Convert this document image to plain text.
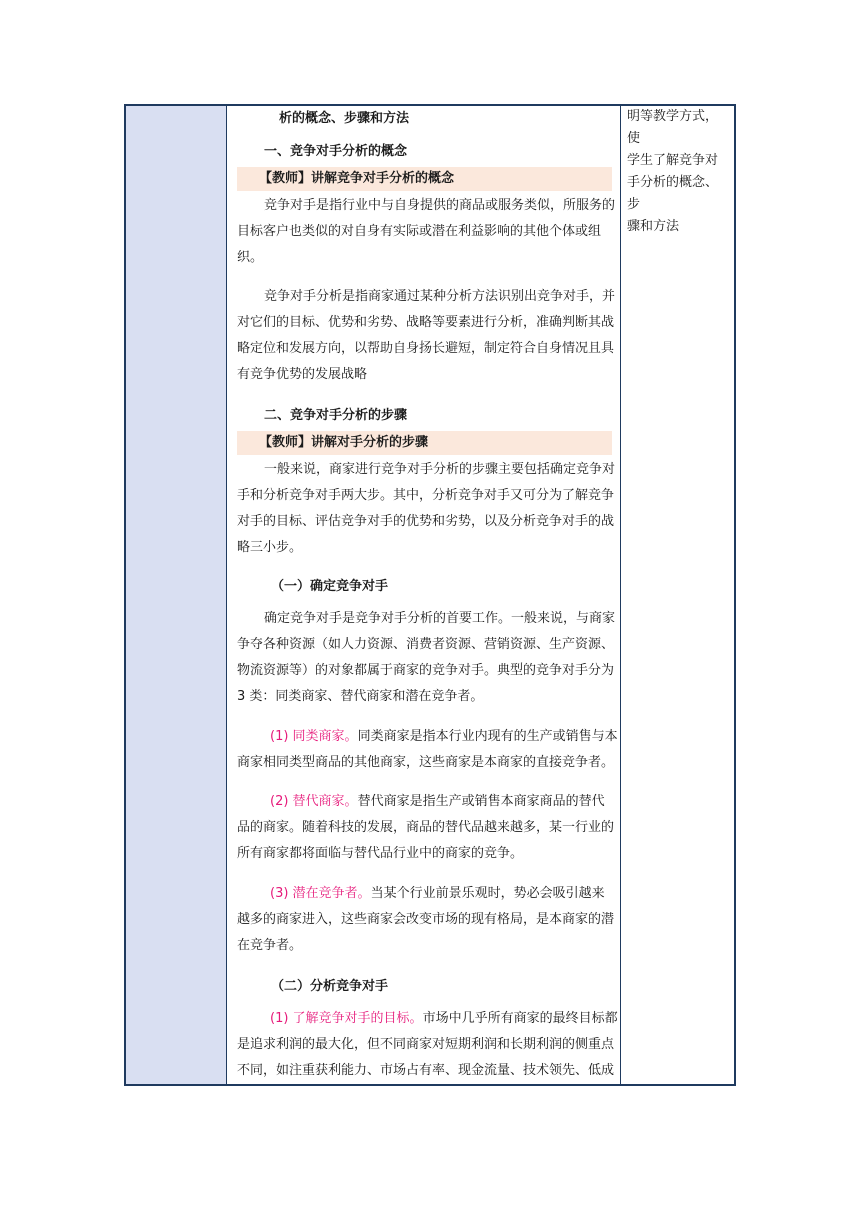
析的概念、步骤和方法
一、竞争对手分析的概念
【教师】讲解竞争对手分析的概念
竞争对手是指行业中与自身提供的商品或服务类似，所服务的
目标客户也类似的对自身有实际或潜在利益影响的其他个体或组
织。
竞争对手分析是指商家通过某种分析方法识别出竞争对手，并
对它们的目标、优势和劣势、战略等要素进行分析，准确判断其战
略定位和发展方向，以帮助自身扬长避短，制定符合自身情况且具
有竞争优势的发展战略
二、竞争对手分析的步骤
【教师】讲解对手分析的步骤
一般来说，商家进行竞争对手分析的步骤主要包括确定竞争对
手和分析竞争对手两大步。其中，分析竞争对手又可分为了解竞争
对手的目标、评估竞争对手的优势和劣势，以及分析竞争对手的战
略三小步。
（一）确定竞争对手
确定竞争对手是竞争对手分析的首要工作。一般来说，与商家
争夺各种资源（如人力资源、消费者资源、营销资源、生产资源、
物流资源等）的对象都属于商家的竞争对手。典型的竞争对手分为
3 类：同类商家、替代商家和潜在竞争者。
(1) 同类商家。同类商家是指本行业内现有的生产或销售与本
商家相同类型商品的其他商家，这些商家是本商家的直接竞争者。
(2) 替代商家。替代商家是指生产或销售本商家商品的替代
品的商家。随着科技的发展，商品的替代品越来越多，某一行业的
所有商家都将面临与替代品行业中的商家的竞争。
(3) 潜在竞争者。当某个行业前景乐观时，势必会吸引越来
越多的商家进入，这些商家会改变市场的现有格局，是本商家的潜
在竞争者。
（二）分析竞争对手
(1) 了解竞争对手的目标。市场中几乎所有商家的最终目标都
是追求利润的最大化，但不同商家对短期利润和长期利润的侧重点
不同，如注重获利能力、市场占有率、现金流量、技术领先、低成
明等教学方式，使
学生了解竞争对
手分析的概念、步
骤和方法
